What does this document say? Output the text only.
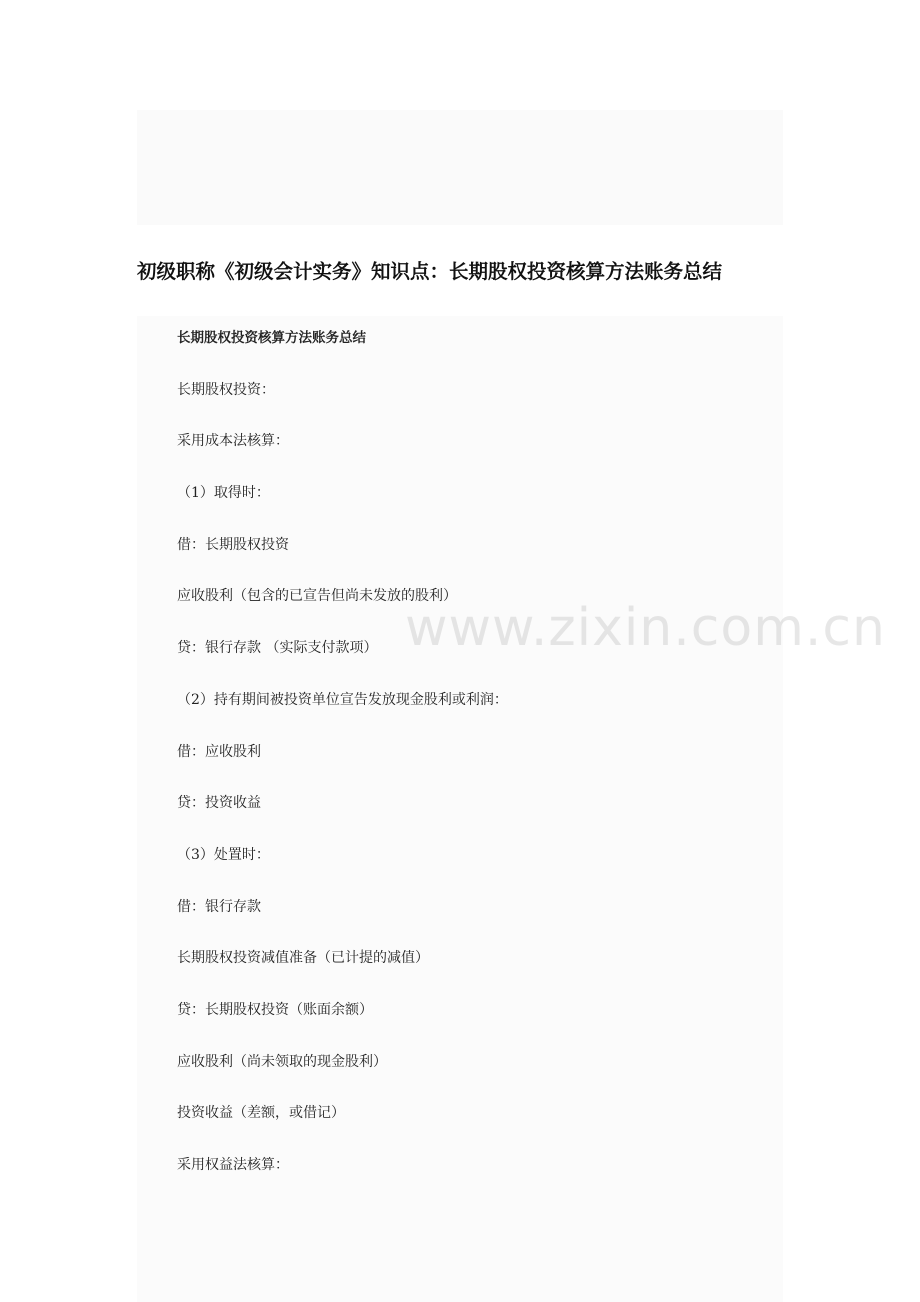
初级职称《初级会计实务》知识点：长期股权投资核算方法账务总结
长期股权投资核算方法账务总结
长期股权投资：
采用成本法核算：
（1）取得时：
借：长期股权投资
应收股利（包含的已宣告但尚未发放的股利）
贷：银行存款 （实际支付款项）
（2）持有期间被投资单位宣告发放现金股利或利润：
借：应收股利
贷：投资收益
（3）处置时：
借：银行存款
长期股权投资减值准备（已计提的减值）
贷：长期股权投资（账面余额）
应收股利（尚未领取的现金股利）
投资收益（差额，或借记）
采用权益法核算：
www.zixin.com.cn
